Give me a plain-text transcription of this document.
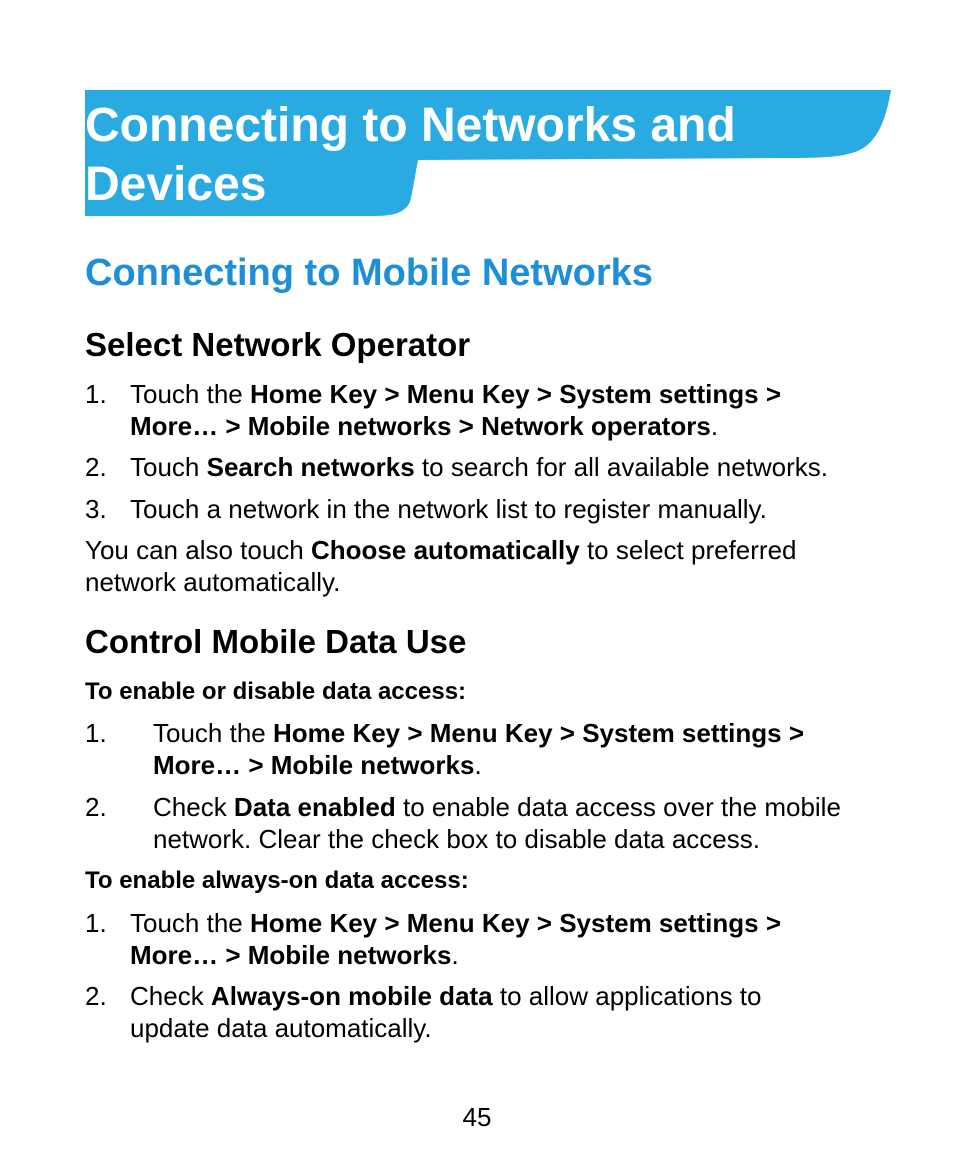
Connecting to Networks and
Devices
Connecting to Mobile Networks
Select Network Operator
1. Touch the Home Key > Menu Key > System settings >
More… > Mobile networks > Network operators.
2. Touch Search networks to search for all available networks.
3. Touch a network in the network list to register manually.
You can also touch Choose automatically to select preferred
network automatically.
Control Mobile Data Use
To enable or disable data access:
1. Touch the Home Key > Menu Key > System settings >
More… > Mobile networks.
2. Check Data enabled to enable data access over the mobile
network. Clear the check box to disable data access.
To enable always-on data access:
1. Touch the Home Key > Menu Key > System settings >
More… > Mobile networks.
2. Check Always-on mobile data to allow applications to
update data automatically.
45
